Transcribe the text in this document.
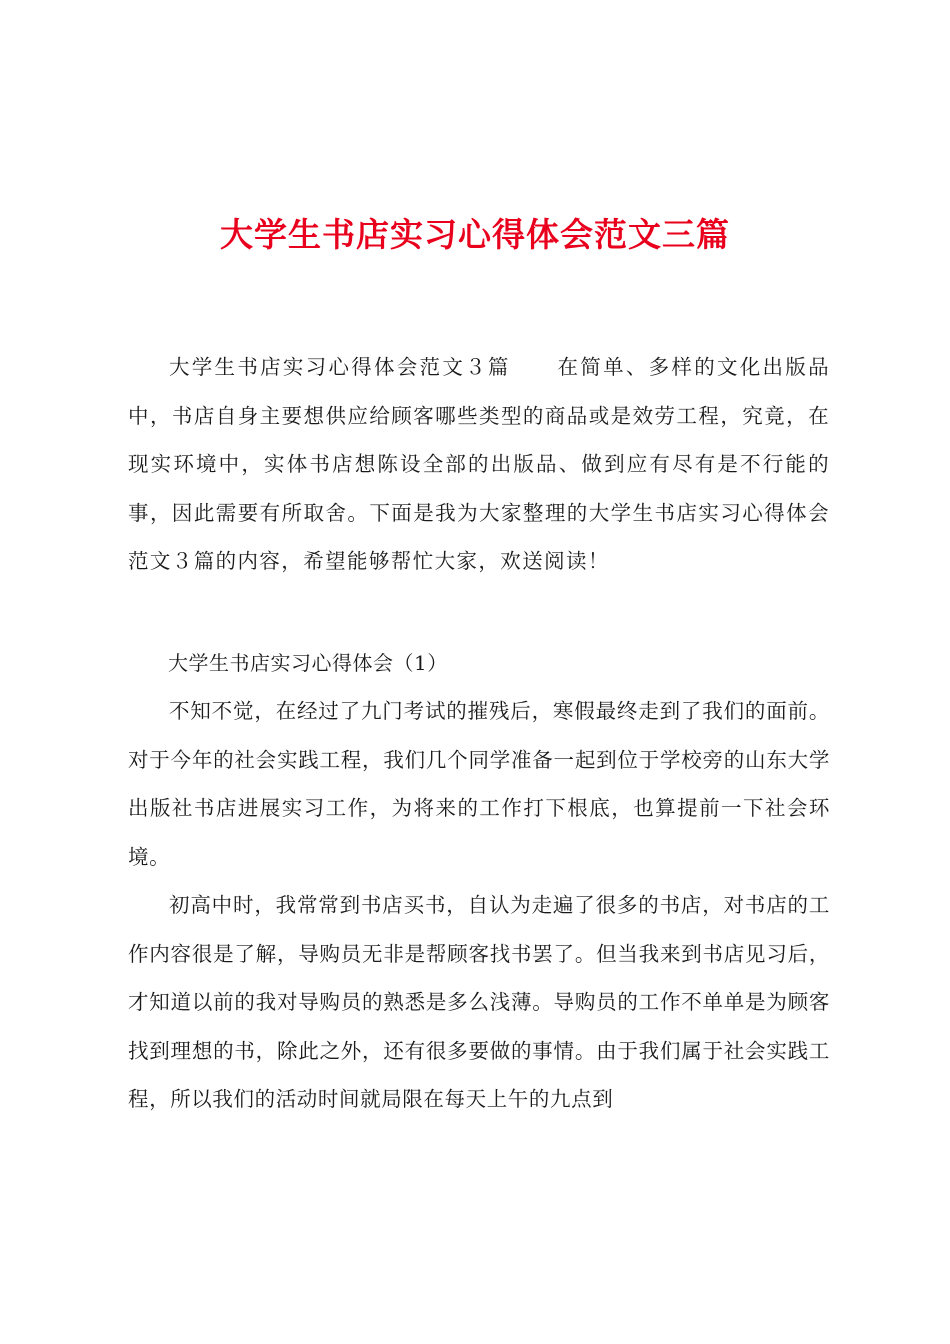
大学生书店实习心得体会范文三篇

大学生书店实习心得体会范文３篇 在简单、多样的文化出版品中，书店自身主要想供应给顾客哪些类型的商品或是效劳工程，究竟，在现实环境中，实体书店想陈设全部的出版品、做到应有尽有是不行能的事，因此需要有所取舍。下面是我为大家整理的大学生书店实习心得体会范文３篇的内容，希望能够帮忙大家，欢送阅读！

大学生书店实习心得体会（1）

不知不觉，在经过了九门考试的摧残后，寒假最终走到了我们的面前。对于今年的社会实践工程，我们几个同学准备一起到位于学校旁的山东大学出版社书店进展实习工作，为将来的工作打下根底，也算提前一下社会环境。

初高中时，我常常到书店买书，自认为走遍了很多的书店，对书店的工作内容很是了解，导购员无非是帮顾客找书罢了。但当我来到书店见习后，才知道以前的我对导购员的熟悉是多么浅薄。导购员的工作不单单是为顾客找到理想的书，除此之外，还有很多要做的事情。由于我们属于社会实践工程，所以我们的活动时间就局限在每天上午的九点到
